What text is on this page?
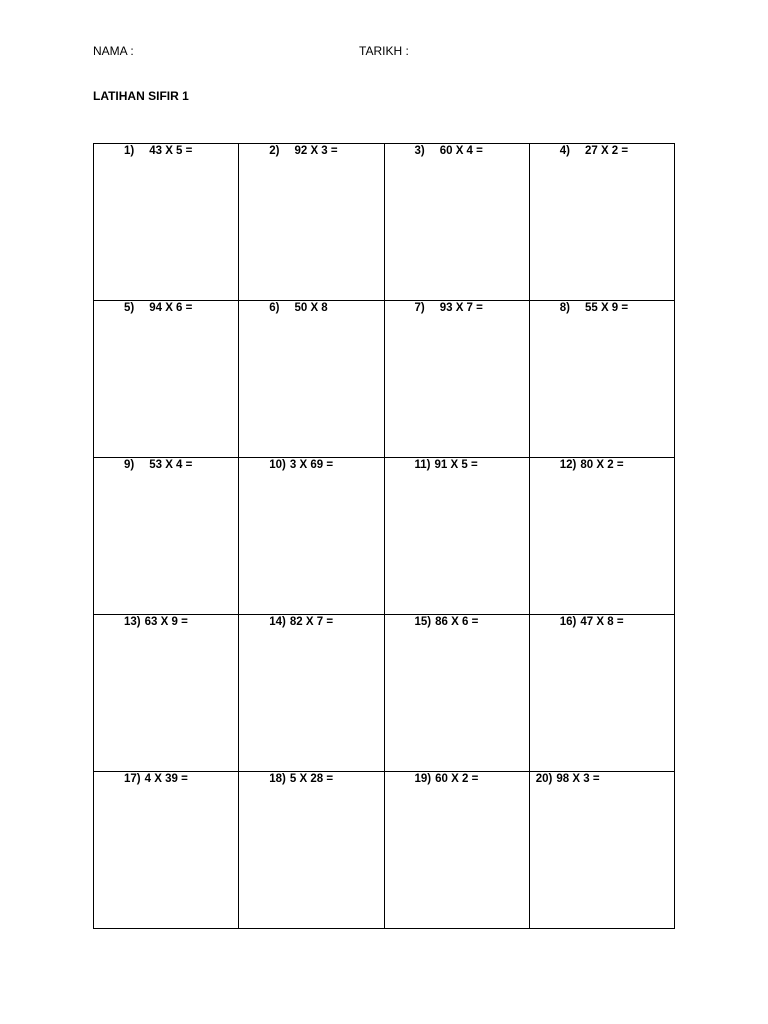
NAMA :	TARIKH :
LATIHAN SIFIR 1
1) 43 X 5 =	2) 92 X 3 =	3) 60 X 4 =	4) 27 X 2 =
5) 94 X 6 =	6) 50 X 8	7) 93 X 7 =	8) 55 X 9 =
9) 53 X 4 =	10) 3 X 69 =	11) 91 X 5 =	12) 80 X 2 =
13) 63 X 9 =	14) 82 X 7 =	15) 86 X 6 =	16) 47 X 8 =
17) 4 X 39 =	18) 5 X 28 =	19) 60 X 2 =	20) 98 X 3 =
